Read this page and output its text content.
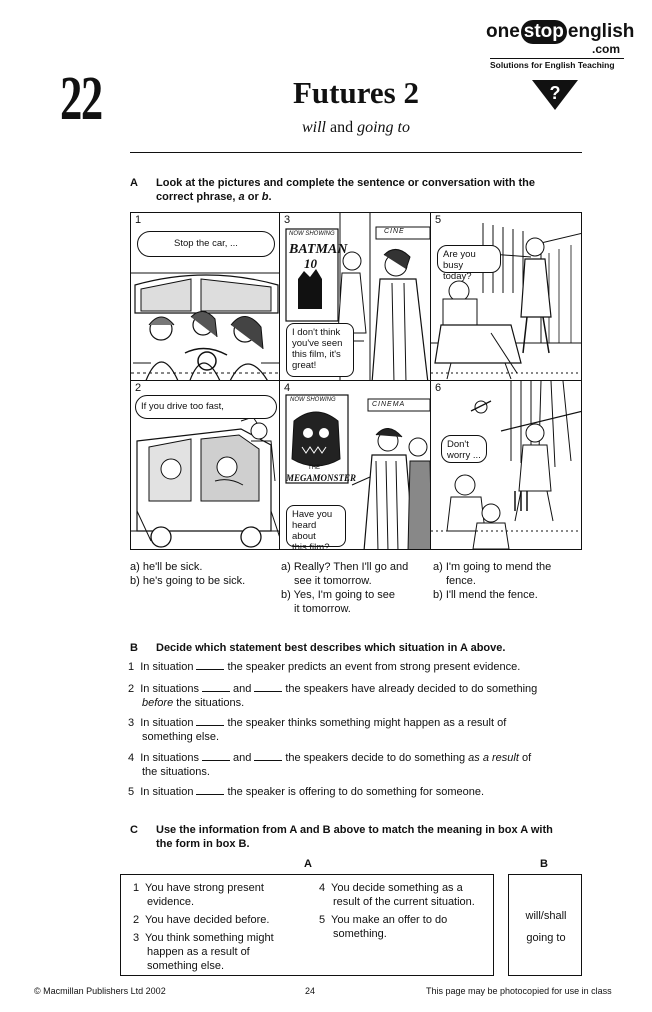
one stop english
.com
Solutions for English Teaching
22	Futures 2
will and going to
?
A Look at the pictures and complete the sentence or conversation with the
correct phrase, a or b.
1
Stop the car, ...
2
If you drive too fast,
3
NOW SHOWING
BATMAN
10
CINE
I don't think
you've seen
this film, it's
great!
4
NOW SHOWING
CINEMA
THE
MEGAMONSTER
Have you
heard about
this film?
5
Are you busy
today?
6
Don't
worry ...
a) he'll be sick.
b) he's going to be sick.
a) Really? Then I'll go and
see it tomorrow.
b) Yes, I'm going to see
it tomorrow.
a) I'm going to mend the
fence.
b) I'll mend the fence.
B Decide which statement best describes which situation in A above.
1 In situation	the speaker predicts an event from strong present evidence.
2 In situations	and	the speakers have already decided to do something
before the situations.
3 In situation	the speaker thinks something might happen as a result of
something else.
4 In situations	and	the speakers decide to do something as a result of
the situations.
5 In situation	the speaker is offering to do something for someone.
C Use the information from A and B above to match the meaning in box A with
the form in box B.
A	B
1 You have strong present
evidence.
2 You have decided before.
3 You think something might
happen as a result of
something else.
4 You decide something as a
result of the current situation.
5 You make an offer to do
something.
will/shall
going to
© Macmillan Publishers Ltd 2002	24	This page may be photocopied for use in class
